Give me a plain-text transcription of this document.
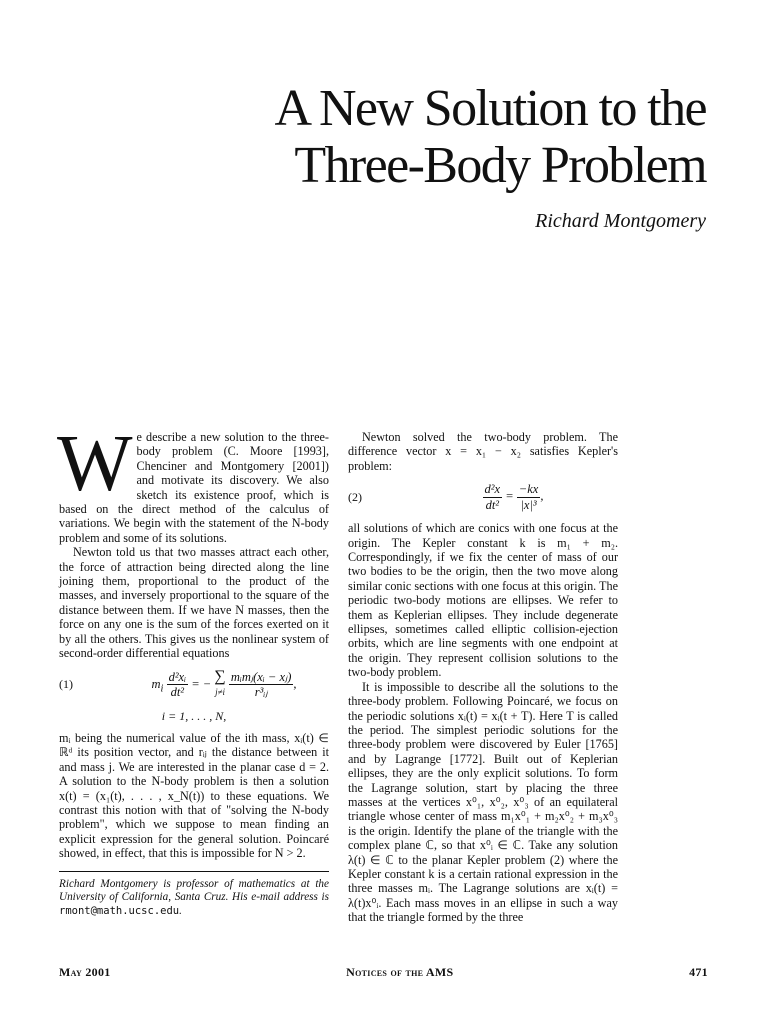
A New Solution to the
Three-Body Problem
Richard Montgomery

We describe a new solution to the three-body problem (C. Moore [1993], Chenciner and Montgomery [2001]) and motivate its discovery. We also sketch its existence proof, which is based on the direct method of the calculus of variations. We begin with the statement of the N-body problem and some of its solutions.

Newton told us that two masses attract each other, the force of attraction being directed along the line joining them, proportional to the product of the masses, and inversely proportional to the square of the distance between them. If we have N masses, then the force on any one is the sum of the forces exerted on it by all the others. This gives us the nonlinear system of second-order differential equations

(1)	$m_i \frac{\text{d²xᵢ}}{\text{dt²}}$ = − ∑
j≠i
$\frac{\text{mᵢmⱼ(xᵢ − xⱼ)}}{\text{r³ᵢⱼ}}$ ,
i = 1, . . . , N,

mᵢ being the numerical value of the ith mass, xᵢ(t) ∈ ℝᵈ its position vector, and rᵢⱼ the distance between it and mass j. We are interested in the planar case d = 2. A solution to the N-body problem is then a solution x(t) = (x₁(t), . . . , x_N(t)) to these equations. We contrast this notion with that of "solving the N-body problem", which we suppose to mean finding an explicit expression for the general solution. Poincaré showed, in effect, that this is impossible for N > 2.

Richard Montgomery is professor of mathematics at the University of California, Santa Cruz. His e-mail address is rmont@math.ucsc.edu.

Newton solved the two-body problem. The difference vector x = x₁ − x₂ satisfies Kepler's problem:

(2)	$\frac{\text{d²x}}{\text{dt²}} = \frac{-kx}{\text{|x|³}}$ ,

all solutions of which are conics with one focus at the origin. The Kepler constant k is m₁ + m₂. Correspondingly, if we fix the center of mass of our two bodies to be the origin, then the two move along similar conic sections with one focus at this origin. The periodic two-body motions are ellipses. We refer to them as Keplerian ellipses. They include degenerate ellipses, sometimes called elliptic collision-ejection orbits, which are line segments with one endpoint at the origin. They represent collision solutions to the two-body problem.

It is impossible to describe all the solutions to the three-body problem. Following Poincaré, we focus on the periodic solutions xᵢ(t) = xᵢ(t + T). Here T is called the period. The simplest periodic solutions for the three-body problem were discovered by Euler [1765] and by Lagrange [1772]. Built out of Keplerian ellipses, they are the only explicit solutions. To form the Lagrange solution, start by placing the three masses at the vertices x⁰₁, x⁰₂, x⁰₃ of an equilateral triangle whose center of mass m₁x⁰₁ + m₂x⁰₂ + m₃x⁰₃ is the origin. Identify the plane of the triangle with the complex plane ℂ, so that x⁰ᵢ ∈ ℂ. Take any solution λ(t) ∈ ℂ to the planar Kepler problem (2) where the Kepler constant k is a certain rational expression in the three masses mᵢ. The Lagrange solutions are xᵢ(t) = λ(t)x⁰ᵢ. Each mass moves in an ellipse in such a way that the triangle formed by the three

May 2001	Notices of the AMS	471
